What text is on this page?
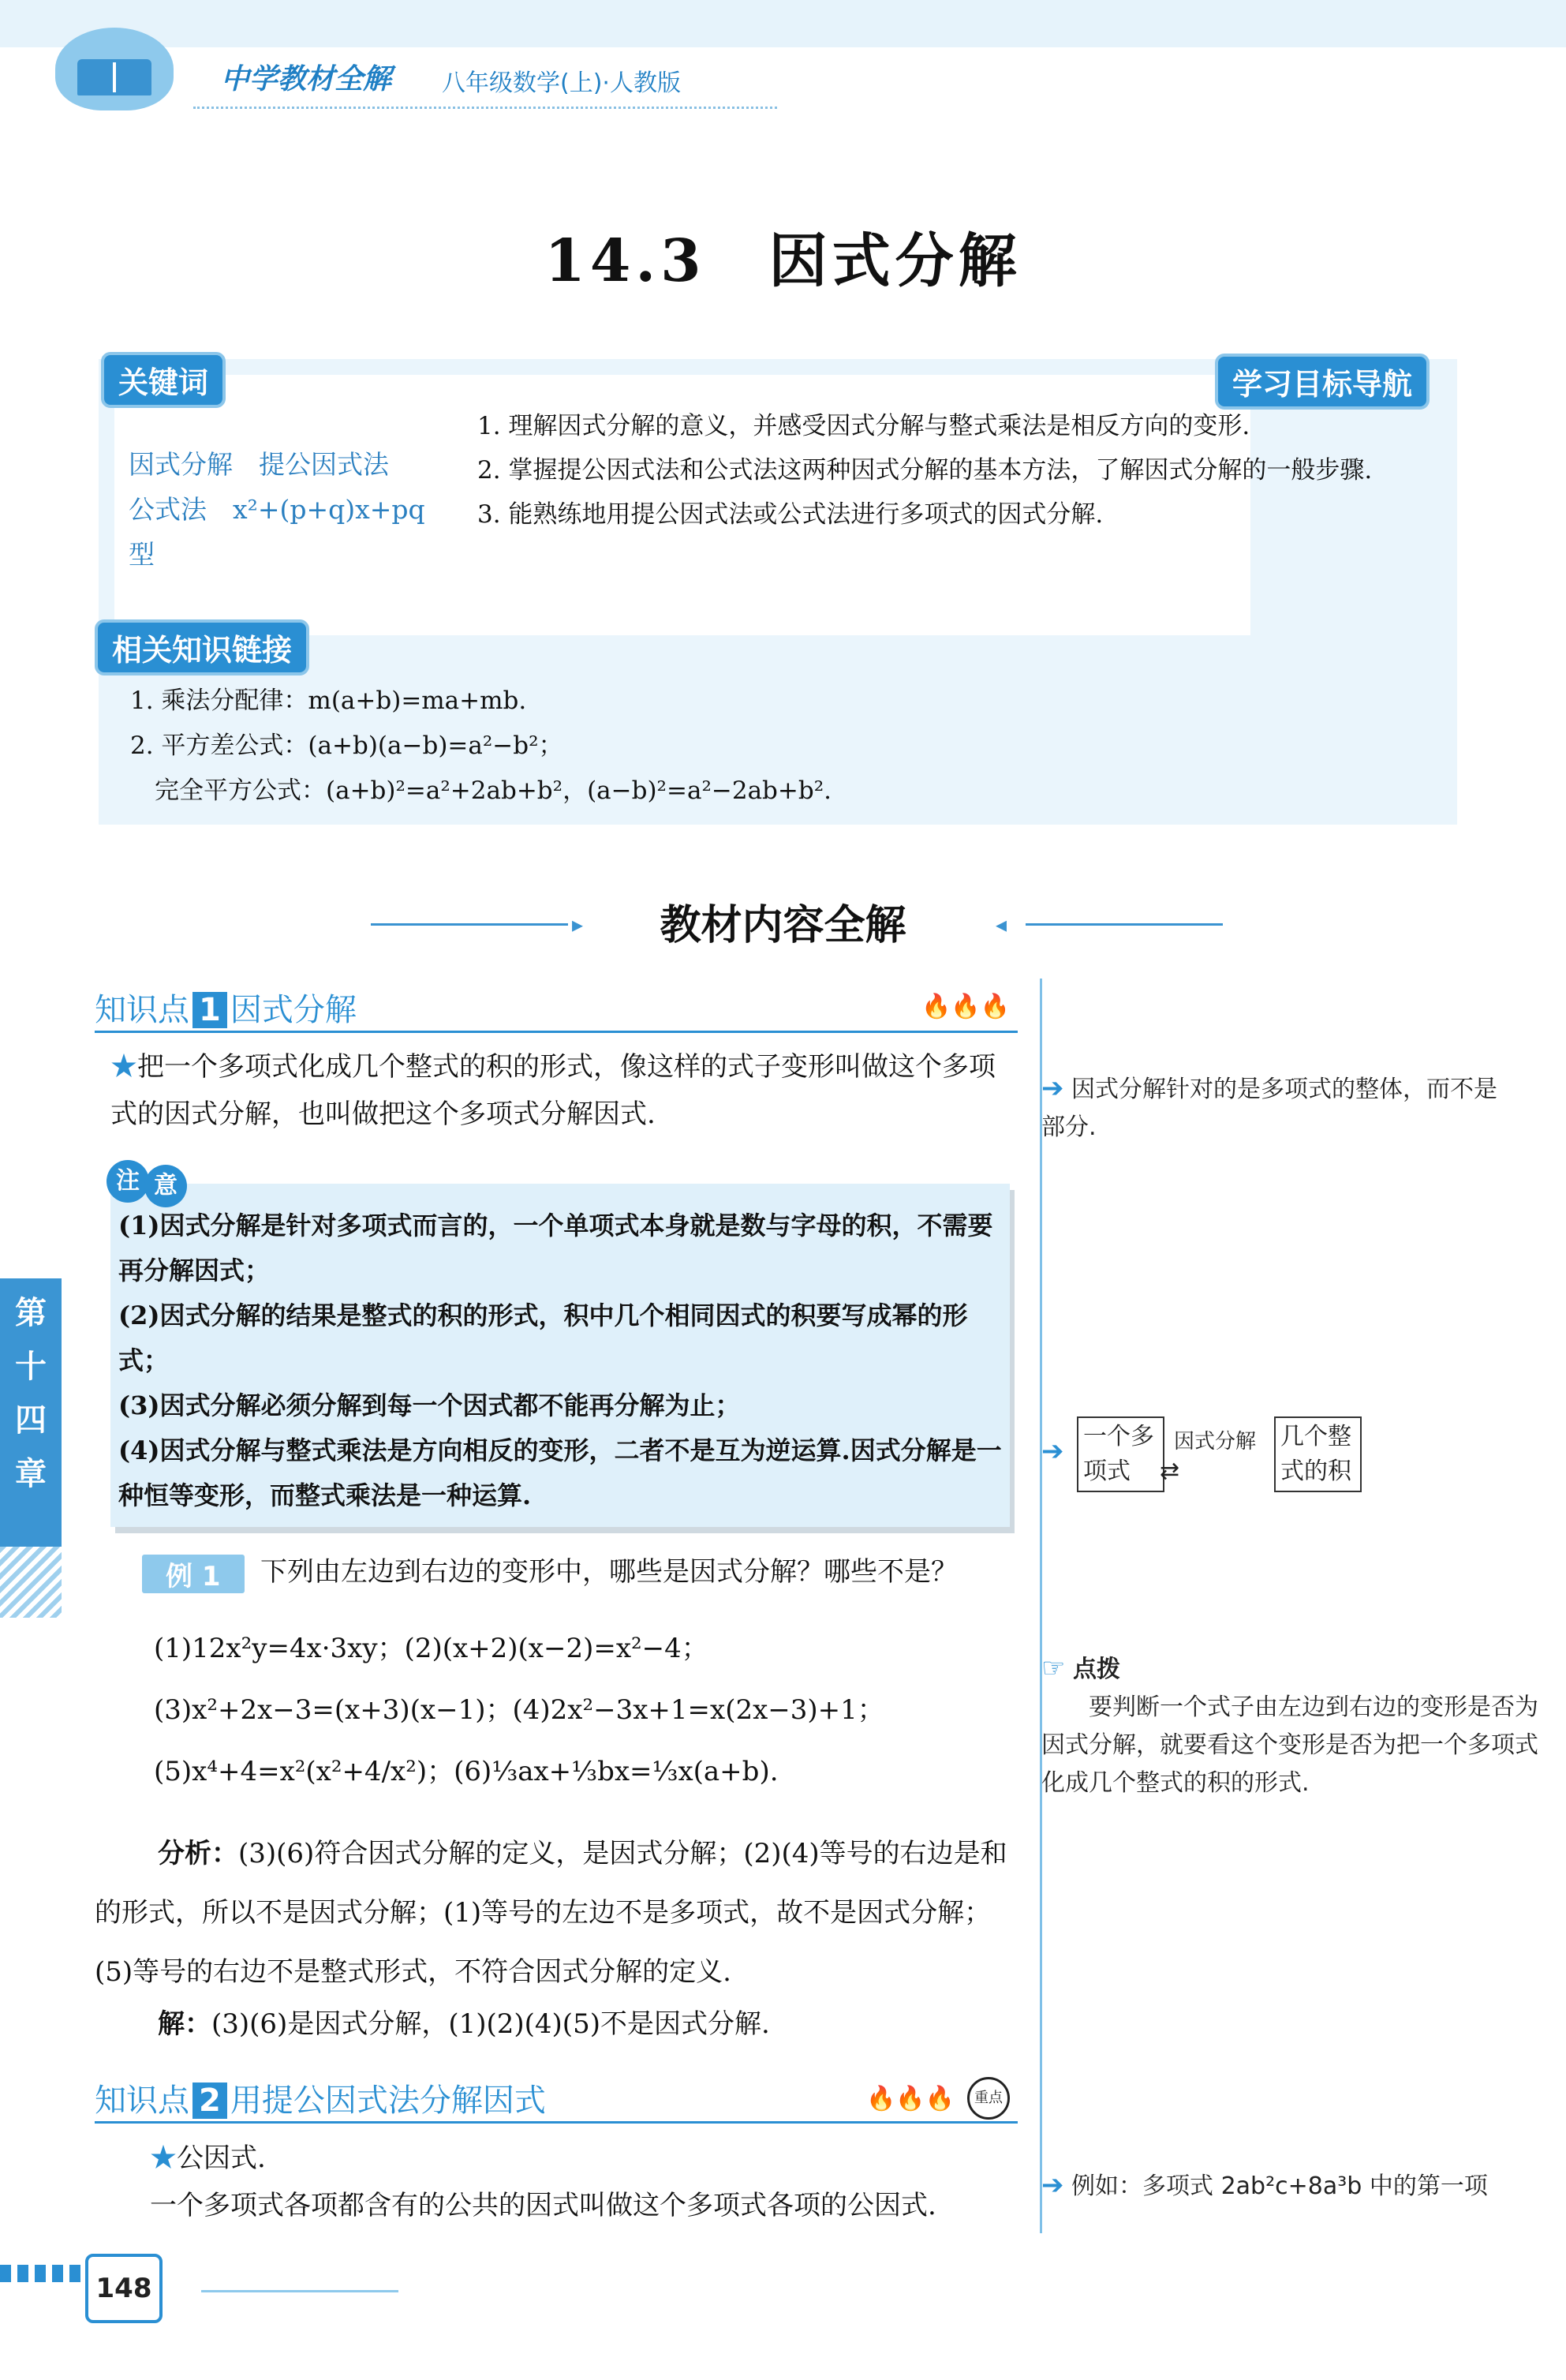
中学教材全解 八年级数学(上)·人教版
14.3　因式分解
关键词	学习目标导航
因式分解　提公因式法　公式法　x²+(p+q)x+pq 型
1. 理解因式分解的意义，并感受因式分解与整式乘法是相反方向的变形.
2. 掌握提公因式法和公式法这两种因式分解的基本方法，了解因式分解的一般步骤.
3. 能熟练地用提公因式法或公式法进行多项式的因式分解.
相关知识链接
1. 乘法分配律：m(a+b)=ma+mb.
2. 平方差公式：(a+b)(a−b)=a²−b²；
　完全平方公式：(a+b)²=a²+2ab+b²，(a−b)²=a²−2ab+b².
▸	教材内容全解	◂
知识点 1 因式分解	🔥🔥🔥
★把一个多项式化成几个整式的积的形式，像这样的式子变形叫做这个多项式的因式分解，也叫做把这个多项式分解因式.
注 意

(1)因式分解是针对多项式而言的，一个单项式本身就是数与字母的积，不需要再分解因式；

(2)因式分解的结果是整式的积的形式，积中几个相同因式的积要写成幂的形式；

(3)因式分解必须分解到每一个因式都不能再分解为止；

(4)因式分解与整式乘法是方向相反的变形，二者不是互为逆运算.因式分解是一种恒等变形，而整式乘法是一种运算.

例 1	下列由左边到右边的变形中，哪些是因式分解？哪些不是？
(1)12x²y=4x·3xy；(2)(x+2)(x−2)=x²−4；
(3)x²+2x−3=(x+3)(x−1)；(4)2x²−3x+1=x(2x−3)+1；
(5)x⁴+4=x²(x²+4/x²)；(6)⅓ax+⅓bx=⅓x(a+b).
分析：(3)(6)符合因式分解的定义，是因式分解；(2)(4)等号的右边是和的形式，所以不是因式分解；(1)等号的左边不是多项式，故不是因式分解；(5)等号的右边不是整式形式，不符合因式分解的定义.
解：(3)(6)是因式分解，(1)(2)(4)(5)不是因式分解.
知识点 2 用提公因式法分解因式	🔥🔥🔥	重点
★公因式.
一个多项式各项都含有的公共的因式叫做这个多项式各项的公因式.
➔ 因式分解针对的是多项式的整体，而不是部分.
➔ 一个多项式
因式分解
⇄
几个整式的积
☞ 点拨
要判断一个式子由左边到右边的变形是否为因式分解，就要看这个变形是否为把一个多项式化成几个整式的积的形式.
➔ 例如：多项式 2ab²c+8a³b 中的第一项
第
十
四
章
148
